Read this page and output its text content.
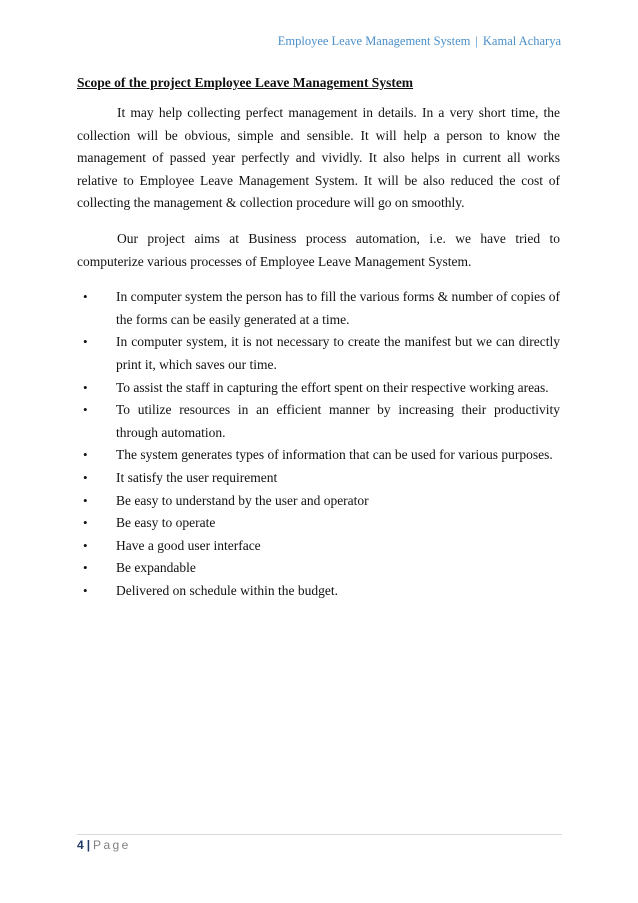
Employee Leave Management System | Kamal Acharya
Scope of the project Employee Leave Management System

It may help collecting perfect management in details. In a very short time, the collection will be obvious, simple and sensible. It will help a person to know the management of passed year perfectly and vividly. It also helps in current all works relative to Employee Leave Management System. It will be also reduced the cost of collecting the management & collection procedure will go on smoothly.

Our project aims at Business process automation, i.e. we have tried to computerize various processes of Employee Leave Management System.

• In computer system the person has to fill the various forms & number of copies of the forms can be easily generated at a time.
• In computer system, it is not necessary to create the manifest but we can directly print it, which saves our time.
• To assist the staff in capturing the effort spent on their respective working areas.
• To utilize resources in an efficient manner by increasing their productivity through automation.
• The system generates types of information that can be used for various purposes.
• It satisfy the user requirement
• Be easy to understand by the user and operator
• Be easy to operate
• Have a good user interface
• Be expandable
• Delivered on schedule within the budget.
4 | Page
